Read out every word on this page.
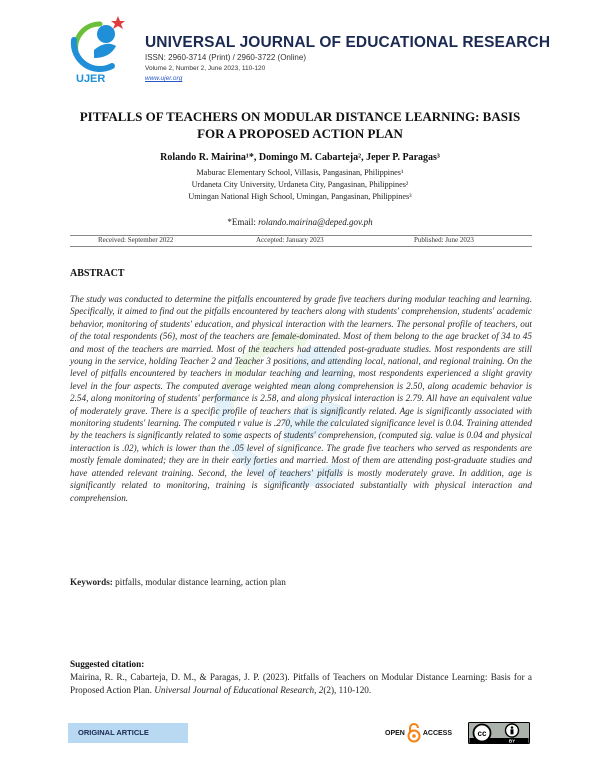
UJER
UNIVERSAL JOURNAL OF EDUCATIONAL RESEARCH
ISSN: 2960-3714 (Print) / 2960-3722 (Online)
Volume 2, Number 2, June 2023, 110-120
www.ujer.org
PITFALLS OF TEACHERS ON MODULAR DISTANCE LEARNING: BASIS
FOR A PROPOSED ACTION PLAN
Rolando R. Mairina¹*, Domingo M. Cabarteja², Jeper P. Paragas³
Maburac Elementary School, Villasis, Pangasinan, Philippines¹
Urdaneta City University, Urdaneta City, Pangasinan, Philippines²
Umingan National High School, Umingan, Pangasinan, Philippines³
*Email: rolando.mairina@deped.gov.ph
Received: September 2022	Accepted: January 2023	Published: June 2023
ABSTRACT
The study was conducted to determine the pitfalls encountered by grade five teachers during modular teaching and learning. Specifically, it aimed to find out the pitfalls encountered by teachers along with students' comprehension, students' academic behavior, monitoring of students' education, and physical interaction with the learners. The personal profile of teachers, out of the total respondents (56), most of the teachers are female-dominated. Most of them belong to the age bracket of 34 to 45 and most of the teachers are married. Most of the teachers had attended post-graduate studies. Most respondents are still young in the service, holding Teacher 2 and Teacher 3 positions, and attending local, national, and regional training. On the level of pitfalls encountered by teachers in modular teaching and learning, most respondents experienced a slight gravity level in the four aspects. The computed average weighted mean along comprehension is 2.50, along academic behavior is 2.54, along monitoring of students' performance is 2.58, and along physical interaction is 2.79. All have an equivalent value of moderately grave. There is a specific profile of teachers that is significantly related. Age is significantly associated with monitoring students' learning. The computed r value is .270, while the calculated significance level is 0.04. Training attended by the teachers is significantly related to some aspects of students' comprehension, (computed sig. value is 0.04 and physical interaction is .02), which is lower than the .05 level of significance. The grade five teachers who served as respondents are mostly female dominated; they are in their early forties and married. Most of them are attending post-graduate studies and have attended relevant training. Second, the level of teachers' pitfalls is mostly moderately grave. In addition, age is significantly related to monitoring, training is significantly associated substantially with physical interaction and comprehension.
Keywords: pitfalls, modular distance learning, action plan
Suggested citation:
Mairina, R. R., Cabarteja, D. M., & Paragas, J. P. (2023). Pitfalls of Teachers on Modular Distance Learning: Basis for a Proposed Action Plan. Universal Journal of Educational Research, 2(2), 110-120.
ORIGINAL ARTICLE	OPEN	ACCESS	cc
BY
